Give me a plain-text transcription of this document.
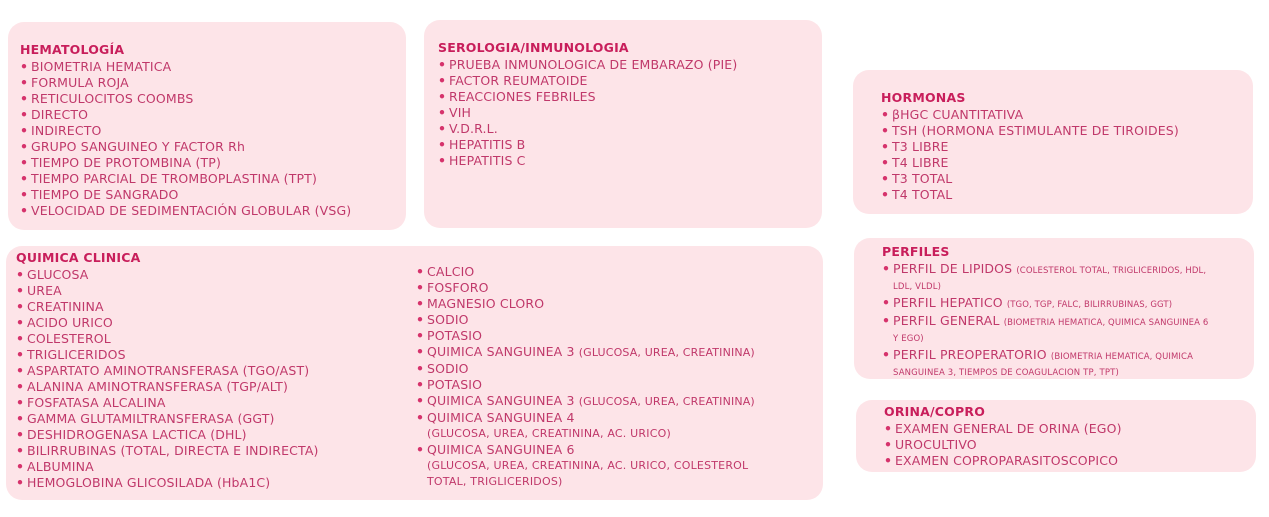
HEMATOLOGÍA
• BIOMETRIA HEMATICA
• FORMULA ROJA
• RETICULOCITOS COOMBS
• DIRECTO
• INDIRECTO
• GRUPO SANGUINEO Y FACTOR Rh
• TIEMPO DE PROTOMBINA (TP)
• TIEMPO PARCIAL DE TROMBOPLASTINA (TPT)
• TIEMPO DE SANGRADO
• VELOCIDAD DE SEDIMENTACIÓN GLOBULAR (VSG)
SEROLOGIA/INMUNOLOGIA
• PRUEBA INMUNOLOGICA DE EMBARAZO (PIE)
• FACTOR REUMATOIDE
• REACCIONES FEBRILES
• VIH
• V.D.R.L.
• HEPATITIS B
• HEPATITIS C
HORMONAS
• βHGC CUANTITATIVA
• TSH (HORMONA ESTIMULANTE DE TIROIDES)
• T3 LIBRE
• T4 LIBRE
• T3 TOTAL
• T4 TOTAL
QUIMICA CLINICA
• GLUCOSA
• UREA
• CREATININA
• ACIDO URICO
• COLESTEROL
• TRIGLICERIDOS
• ASPARTATO AMINOTRANSFERASA (TGO/AST)
• ALANINA AMINOTRANSFERASA (TGP/ALT)
• FOSFATASA ALCALINA
• GAMMA GLUTAMILTRANSFERASA (GGT)
• DESHIDROGENASA LACTICA (DHL)
• BILIRRUBINAS (TOTAL, DIRECTA E INDIRECTA)
• ALBUMINA
• HEMOGLOBINA GLICOSILADA (HbA1C)
• CALCIO
• FOSFORO
• MAGNESIO CLORO
• SODIO
• POTASIO
• QUIMICA SANGUINEA 3 (GLUCOSA, UREA, CREATININA)
• SODIO
• POTASIO
• QUIMICA SANGUINEA 3 (GLUCOSA, UREA, CREATININA)
• QUIMICA SANGUINEA 4
(GLUCOSA, UREA, CREATININA, AC. URICO)
• QUIMICA SANGUINEA 6
(GLUCOSA, UREA, CREATININA, AC. URICO, COLESTEROL
TOTAL, TRIGLICERIDOS)
PERFILES
• PERFIL DE LIPIDOS (COLESTEROL TOTAL, TRIGLICERIDOS, HDL,
LDL, VLDL)
• PERFIL HEPATICO (TGO, TGP, FALC, BILIRRUBINAS, GGT)
• PERFIL GENERAL (BIOMETRIA HEMATICA, QUIMICA SANGUINEA 6
Y EGO)
• PERFIL PREOPERATORIO (BIOMETRIA HEMATICA, QUIMICA
SANGUINEA 3, TIEMPOS DE COAGULACION TP, TPT)
ORINA/COPRO
• EXAMEN GENERAL DE ORINA (EGO)
• UROCULTIVO
• EXAMEN COPROPARASITOSCOPICO
